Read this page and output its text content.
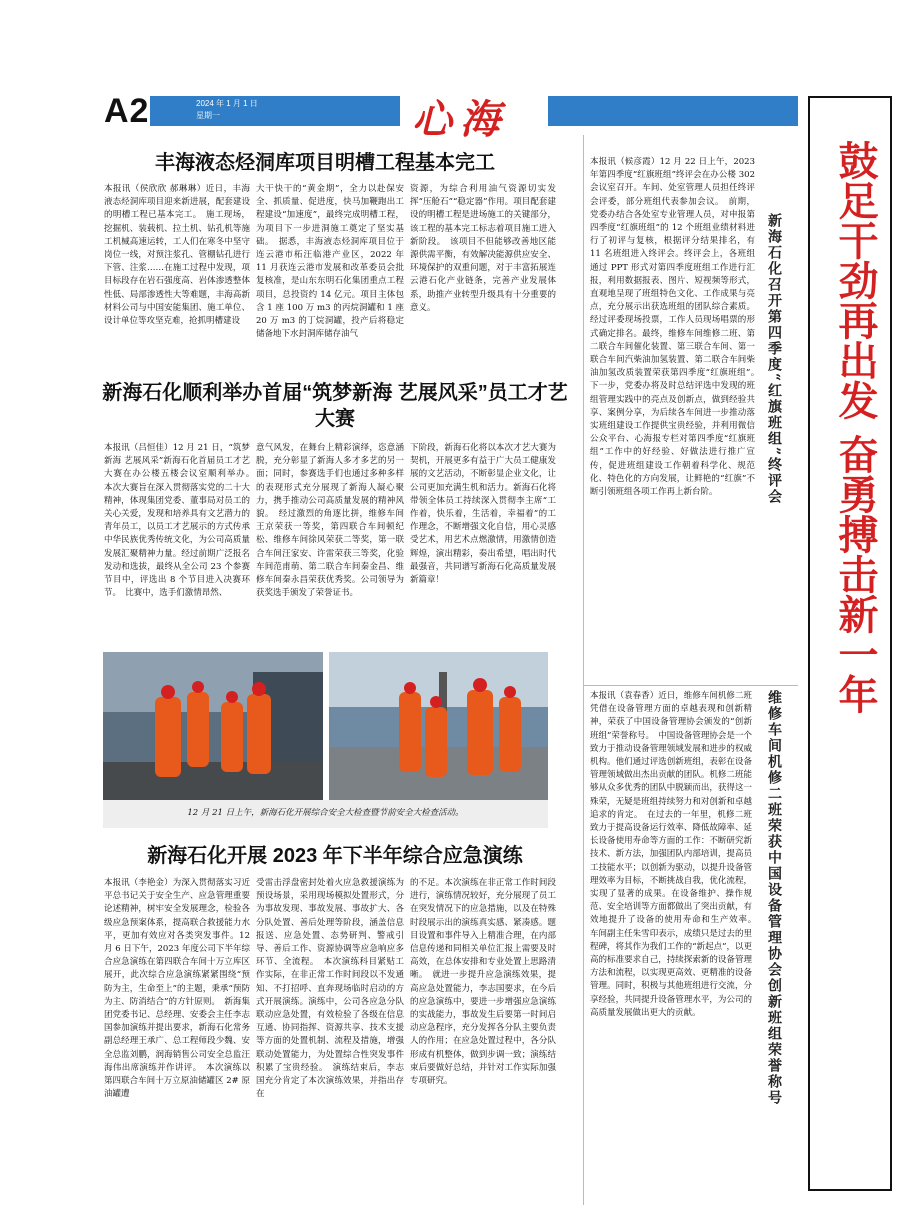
A2	2024 年 1 月 1 日
星期一	心海
丰海液态烃洞库项目明槽工程基本完工
本报讯（侯欣欣 郝琳琳）近日，丰海液态烃洞库项目迎来新进展，配套建设的明槽工程已基本完工。　施工现场，挖掘机、装载机、拉土机、钻孔机等施工机械高速运转，工人们在寒冬中坚守岗位一线，对预注浆孔、管棚钻孔进行下管、注浆……在施工过程中发现，项目标段存在岩石强度高、岩体渗透整体性低、局部渗透性大等难题，丰海高新材料公司与中国安能集团、施工单位、设计单位等攻坚克难，抢抓明槽建设
大干快干的“黄金期”，全力以赴保安全、抓质量、促进度，快马加鞭跑出工程建设“加速度”，最终完成明槽工程，为项目下一步进洞施工奠定了坚实基础。　据悉，丰海液态烃洞库项目位于连云港市柘汪临港产业区，2022 年 11 月获连云港市发展和改革委员会批复核准，是山东东明石化集团重点工程项目，总投资约 14 亿元。项目主体包含 1 座 100 万 m3 的丙烷洞罐和 1 座 20 万 m3 的丁烷洞罐，投产后将稳定储备地下水封洞库储存油气
资源，为综合利用油气资源切实发挥“压舱石”“稳定器”作用。项目配套建设的明槽工程是进场施工的关键部分，该工程的基本完工标志着项目施工进入新阶段。　该项目不但能够改善地区能源供需平衡，有效解决能源供应安全、环境保护的双重问题，对于丰富拓展连云港石化产业链条，完善产业发展体系，助推产业转型升级具有十分重要的意义。
新海石化顺利举办首届“筑梦新海 艺展风采”员工才艺大赛
本报讯（吕恒佳）12 月 21 日，“筑梦新海 艺展风采”新海石化首届员工才艺大赛在办公楼五楼会议室顺利举办。　本次大赛旨在深入贯彻落实党的二十大精神，体现集团党委、董事局对员工的关心关爱，发现和培养具有文艺潜力的青年员工，以员工才艺展示的方式传承中华民族优秀传统文化，为公司高质量发展汇聚精神力量。经过前期广泛报名发动和选拔，最终从全公司 23 个参赛节目中，评选出 8 个节目进入决赛环节。　比赛中，选手们激情昂然、
意气风发，在舞台上精彩演绎，恣意涵脱，充分彰显了新海人多才多艺的另一面；同时，参赛选手们也通过多种多样的表现形式充分展现了新海人凝心聚力，携手推动公司高质量发展的精神风貌。　经过激烈的角逐比拼，维修车间王京荣获一等奖，第四联合车间顿纪松、维修车间徐风荣获二等奖，第一联合车间汪家安、许雷荣获三等奖，化验车间范甫萌、第二联合车间秦金昌、维修车间秦永昌荣获优秀奖。公司领导为获奖选手颁发了荣誉证书。
下阶段，新海石化将以本次才艺大赛为契机，开展更多有益于广大员工健康发展的文艺活动，不断彰显企业文化，让公司更加充满生机和活力。新海石化将带领全体员工持续深入贯彻李主席“工作着，快乐着，生活着，幸福着”的工作理念，不断增强文化自信，用心灵感受艺术，用艺术点燃激情，用激情创造辉煌，演出精彩，奏出希望，唱出时代最强音，共同谱写新海石化高质量发展新篇章！
12 月 21 日上午，新海石化开展综合安全大检查暨节前安全大检查活动。
新海石化开展 2023 年下半年综合应急演练
本报讯（李艳金）为深入贯彻落实习近平总书记关于安全生产、应急管理重要论述精神，树牢安全发展理念，检验各级应急预案体系，提高联合救援能力水平，更加有效应对各类突发事件。12 月 6 日下午，2023 年度公司下半年综合应急演练在第四联合车间十万立库区展开，此次综合应急演练紧紧围绕“预防为主，生命至上”的主题，秉承“预防为主、防消结合”的方针原则。　新海集团党委书记、总经理、安委会主任李志国参加演练并提出要求，新海石化常务副总经理王承广、总工程师段少魏、安全总监刘鹏，润海销售公司安全总监汪海伟出席演练并作讲评。　本次演练以第四联合车间十万立原油储罐区 2# 原油罐遭
受雷击浮盘密封处着火应急救援演练为预设场景，采用现场模拟处置形式，分为事故发现、事故发展、事故扩大、各分队处置、善后处理等阶段，涵盖信息报送、应急处置、态势研判、警戒引导、善后工作、资源协调等应急响应多环节、全流程。　本次演练科目紧贴工作实际，在非正常工作时间段以不发通知、不打招呼、直奔现场临时启动的方式开展演练。演练中，公司各应急分队联动应急处置，有效检验了各级在信息互通、协同指挥、资源共享、技术支援等方面的处置机制、流程及措施，增强联动处置能力，为处置综合性突发事件积累了宝贵经验。　演练结束后，李志国充分肯定了本次演练效果，并指出存在
的不足。本次演练在非正常工作时间段进行，演练情况较好，充分展现了员工在突发情况下的应急措施，以及在特殊时段展示出的演练真实感、紧凑感。题目设置和事件导入上精准合理，在内部信息传递和同相关单位汇报上需要及时高效，在总体安排和专业处置上思路清晰。　就进一步提升应急演练效果，提高应急处置能力，李志国要求，在今后的应急演练中，要进一步增强应急演练的实战能力，事故发生后要第一时间启动应急程序，充分发挥各分队主要负责人的作用；在应急处置过程中，各分队形成有机整体，做到步调一致；演练结束后要做好总结，并针对工作实际加强专项研究。
本报讯（候彦霞）12 月 22 日上午，2023 年第四季度“红旗班组”终评会在办公楼 302 会议室召开。车间、处室管理人员担任终评会评委，部分班组代表参加会议。　前期，党委办结合各处室专业管理人员，对申报第四季度“红旗班组”的 12 个班组业绩材料进行了初评与复核，根据评分结果排名，有 11 名班组进入终评会。终评会上，各班组通过 PPT 形式对第四季度班组工作进行汇报，利用数据报表、图片、短视频等形式，直观地呈现了班组特色文化、工作成果与亮点，充分展示出获选班组的团队综合素质。经过评委现场投票，工作人员现场唱票的形式确定排名。最终，维修车间维修二班、第二联合车间催化装置、第三联合车间、第一联合车间汽柴油加氢装置、第二联合车间柴油加氢改质装置荣获第四季度“红旗班组”。　下一步，党委办将及时总结评选中发现的班组管理实践中的亮点及创新点，做到经验共享、案例分享，为后续各车间进一步推动落实班组建设工作提供宝贵经验，并利用微信公众平台、心海报专栏对第四季度“红旗班组”工作中的好经验、好做法进行推广宣传，促进班组建设工作朝着科学化、规范化、特色化的方向发展，让鲜艳的“红旗”不断引领班组各项工作再上新台阶。	新海石化召开第四季度“红旗班组”终评会
本报讯（袁春香）近日，维修车间机修二班凭借在设备管理方面的卓越表现和创新精神，荣获了中国设备管理协会颁发的“创新班组”荣誉称号。　中国设备管理协会是一个致力于推动设备管理领域发展和进步的权威机构。他们通过评选创新班组，表彰在设备管理领域做出杰出贡献的团队。机修二班能够从众多优秀的团队中脱颖而出，获得这一殊荣，无疑是班组持续努力和对创新和卓越追求的肯定。　在过去的一年里，机修二班致力于提高设备运行效率、降低故障率、延长设备使用寿命等方面的工作：不断研究新技术、新方法，加强团队内部培训，提高员工技能水平；以创新为驱动，以提升设备管理效率为目标，不断挑战自我，优化流程，实现了显著的成果。在设备维护、操作规范、安全培训等方面都做出了突出贡献，有效地提升了设备的使用寿命和生产效率。　车间副主任朱雪印表示，成绩只是过去的里程碑，将其作为我们工作的“新起点”，以更高的标准要求自己，持续探索新的设备管理方法和流程，以实现更高效、更精准的设备管理。同时，积极与其他班组进行交流，分享经验，共同提升设备管理水平，为公司的高质量发展做出更大的贡献。	维修车间机修二班荣获中国设备管理协会创新班组荣誉称号
鼓足干劲再出发 奋勇搏击新一年
